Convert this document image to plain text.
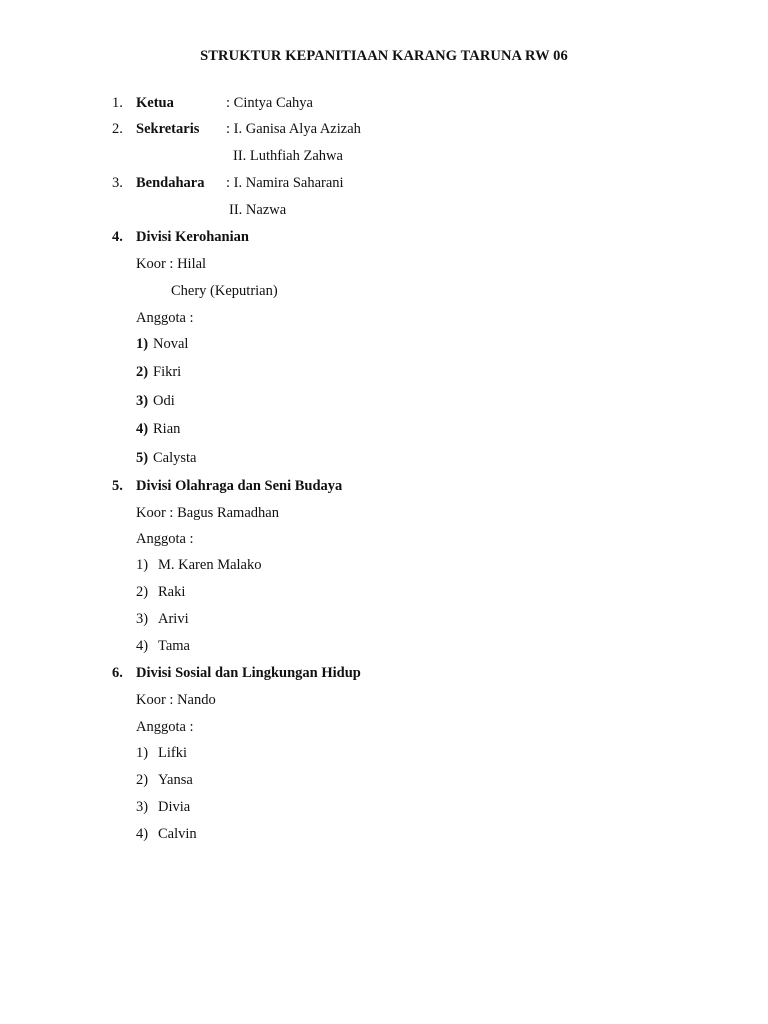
STRUKTUR KEPANITIAAN KARANG TARUNA RW 06
1. Ketua	: Cintya Cahya
2. Sekretaris : I. Ganisa Alya Azizah
II. Luthfiah Zahwa
3. Bendahara : I. Namira Saharani
II. Nazwa
4. Divisi Kerohanian
Koor : Hilal
Chery (Keputrian)
Anggota :
1) Noval
2) Fikri
3) Odi
4) Rian
5) Calysta
5. Divisi Olahraga dan Seni Budaya
Koor : Bagus Ramadhan
Anggota :
1) M. Karen Malako
2) Raki
3) Arivi
4) Tama
6. Divisi Sosial dan Lingkungan Hidup
Koor : Nando
Anggota :
1) Lifki
2) Yansa
3) Divia
4) Calvin
